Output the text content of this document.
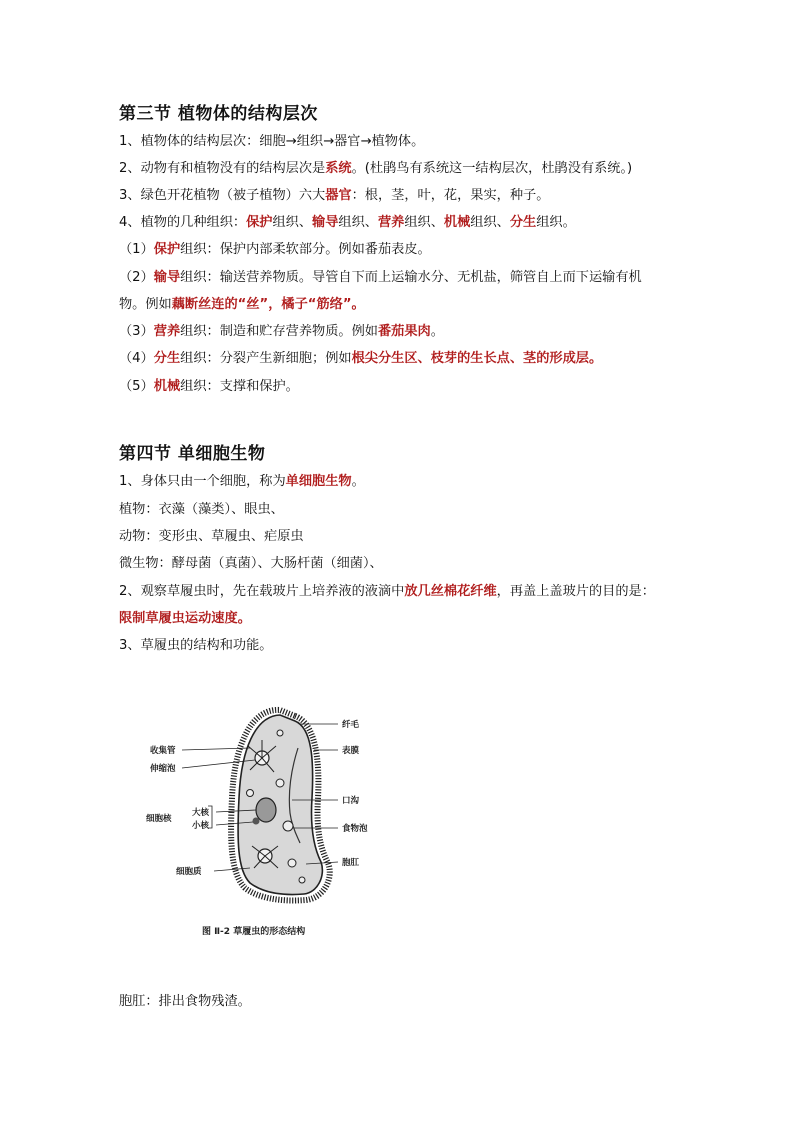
第三节 植物体的结构层次
1、植物体的结构层次：细胞→组织→器官→植物体。
2、动物有和植物没有的结构层次是系统。(杜鹃鸟有系统这一结构层次，杜鹃没有系统。)
3、绿色开花植物（被子植物）六大器官：根，茎，叶，花，果实，种子。
4、植物的几种组织：保护组织、输导组织、营养组织、机械组织、分生组织。
（1）保护组织：保护内部柔软部分。例如番茄表皮。
（2）输导组织：输送营养物质。导管自下而上运输水分、无机盐，筛管自上而下运输有机
物。例如藕断丝连的“丝”，橘子“筋络”。
（3）营养组织：制造和贮存营养物质。例如番茄果肉。
（4）分生组织：分裂产生新细胞；例如根尖分生区、枝芽的生长点、茎的形成层。
（5）机械组织：支撑和保护。
第四节 单细胞生物
1、身体只由一个细胞，称为单细胞生物。
植物：衣藻（藻类）、眼虫、
动物：变形虫、草履虫、疟原虫
微生物：酵母菌（真菌）、大肠杆菌（细菌）、
2、观察草履虫时，先在载玻片上培养液的液滴中放几丝棉花纤维，再盖上盖玻片的目的是：
限制草履虫运动速度。
3、草履虫的结构和功能。
纤毛
表膜
收集管
伸缩泡
口沟
大核
小核
细胞核
食物泡
胞肛
细胞质
图 Ⅱ-2 草履虫的形态结构
胞肛：排出食物残渣。
